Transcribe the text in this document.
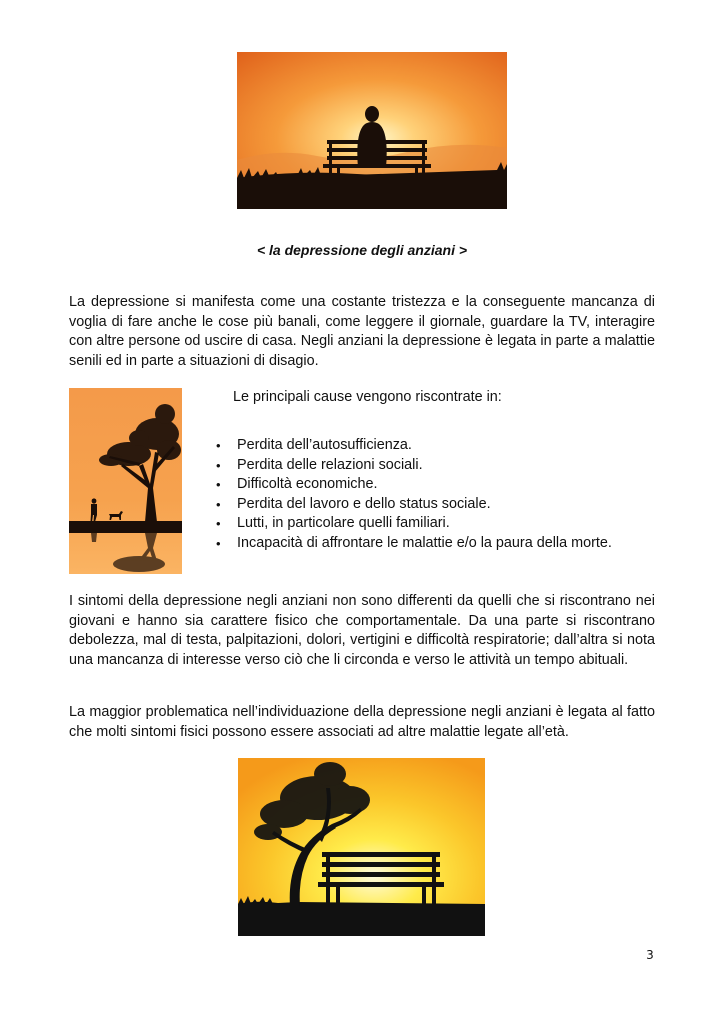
< la depressione degli anziani >

La depressione si manifesta come una costante tristezza e la conseguente mancanza di voglia di fare anche le cose più banali, come leggere il giornale, guardare la TV, interagire con altre persone od uscire di casa. Negli anziani la depressione è legata in parte a malattie senili ed in parte a situazioni di disagio.

Le principali cause vengono riscontrate in:
• Perdita dell’autosufficienza.
• Perdita delle relazioni sociali.
• Difficoltà economiche.
• Perdita del lavoro e dello status sociale.
• Lutti, in particolare quelli familiari.
• Incapacità di affrontare le malattie e/o la paura della morte.

I sintomi della depressione negli anziani non sono differenti da quelli che si riscontrano nei giovani e hanno sia carattere fisico che comportamentale. Da una parte si riscontrano debolezza, mal di testa, palpitazioni, dolori, vertigini e difficoltà respiratorie; dall’altra si nota una mancanza di interesse verso ciò che li circonda e verso le attività un tempo abituali.

La maggior problematica nell’individuazione della depressione negli anziani è legata al fatto che molti sintomi fisici possono essere associati ad altre malattie legate all’età.

3
